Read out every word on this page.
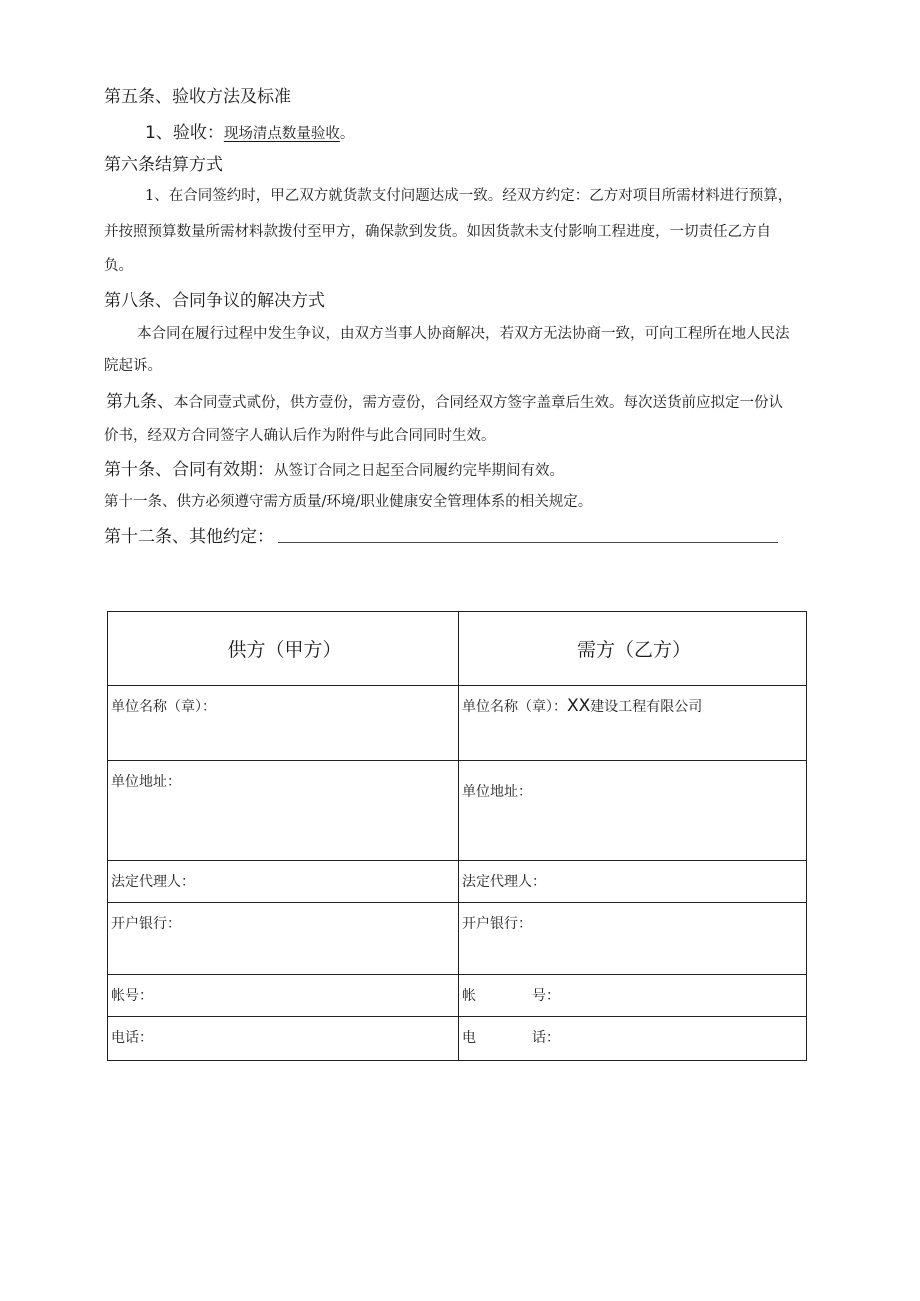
第五条、验收方法及标准
1、验收：现场清点数量验收。
第六条结算方式
1、在合同签约时，甲乙双方就货款支付问题达成一致。经双方约定：乙方对项目所需材料进行预算，
并按照预算数量所需材料款拨付至甲方，确保款到发货。如因货款未支付影响工程进度，一切责任乙方自
负。
第八条、合同争议的解决方式
本合同在履行过程中发生争议，由双方当事人协商解决，若双方无法协商一致，可向工程所在地人民法
院起诉。
第九条、本合同壹式贰份，供方壹份，需方壹份，合同经双方签字盖章后生效。每次送货前应拟定一份认
价书，经双方合同签字人确认后作为附件与此合同同时生效。
第十条、合同有效期：从签订合同之日起至合同履约完毕期间有效。
第十一条、供方必须遵守需方质量/环境/职业健康安全管理体系的相关规定。
第十二条、其他约定：
供方（甲方）	需方（乙方）

单位名称（章）：	单位名称（章）：XX建设工程有限公司

单位地址：	单位地址：

法定代理人：	法定代理人：

开户银行：	开户银行：

帐号：	帐 号：

电话：	电 话：
